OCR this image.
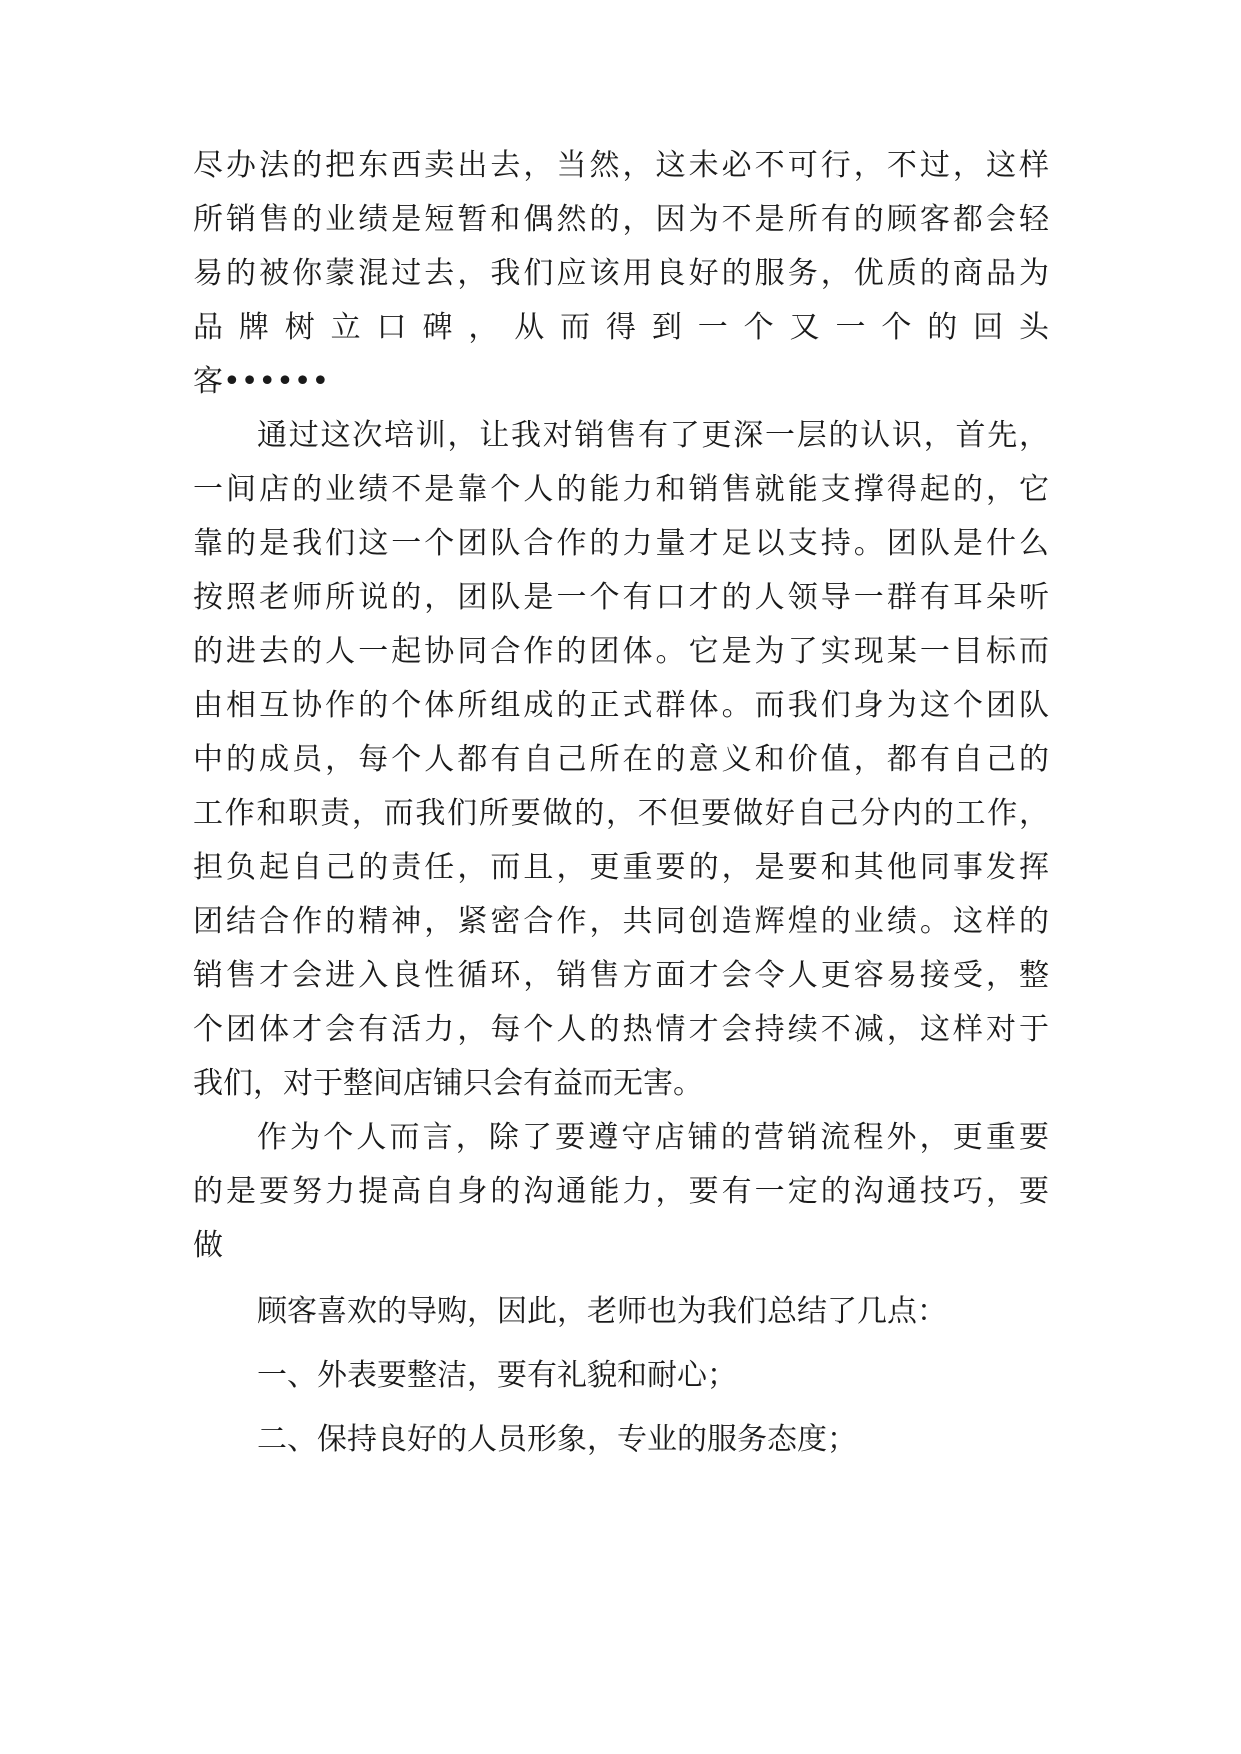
尽办法的把东西卖出去，当然，这未必不可行，不过，这样
所销售的业绩是短暂和偶然的，因为不是所有的顾客都会轻
易的被你蒙混过去，我们应该用良好的服务，优质的商品为
品牌树立口碑，从而得到一个又一个的回头
客••••••
通过这次培训，让我对销售有了更深一层的认识，首先，
一间店的业绩不是靠个人的能力和销售就能支撑得起的，它
靠的是我们这一个团队合作的力量才足以支持。团队是什么
按照老师所说的，团队是一个有口才的人领导一群有耳朵听
的进去的人一起协同合作的团体。它是为了实现某一目标而
由相互协作的个体所组成的正式群体。而我们身为这个团队
中的成员，每个人都有自己所在的意义和价值，都有自己的
工作和职责，而我们所要做的，不但要做好自己分内的工作，
担负起自己的责任，而且，更重要的，是要和其他同事发挥
团结合作的精神，紧密合作，共同创造辉煌的业绩。这样的
销售才会进入良性循环，销售方面才会令人更容易接受，整
个团体才会有活力，每个人的热情才会持续不减，这样对于
我们，对于整间店铺只会有益而无害。
作为个人而言，除了要遵守店铺的营销流程外，更重要
的是要努力提高自身的沟通能力，要有一定的沟通技巧，要
做
顾客喜欢的导购，因此，老师也为我们总结了几点：
一、外表要整洁，要有礼貌和耐心；
二、保持良好的人员形象，专业的服务态度；
